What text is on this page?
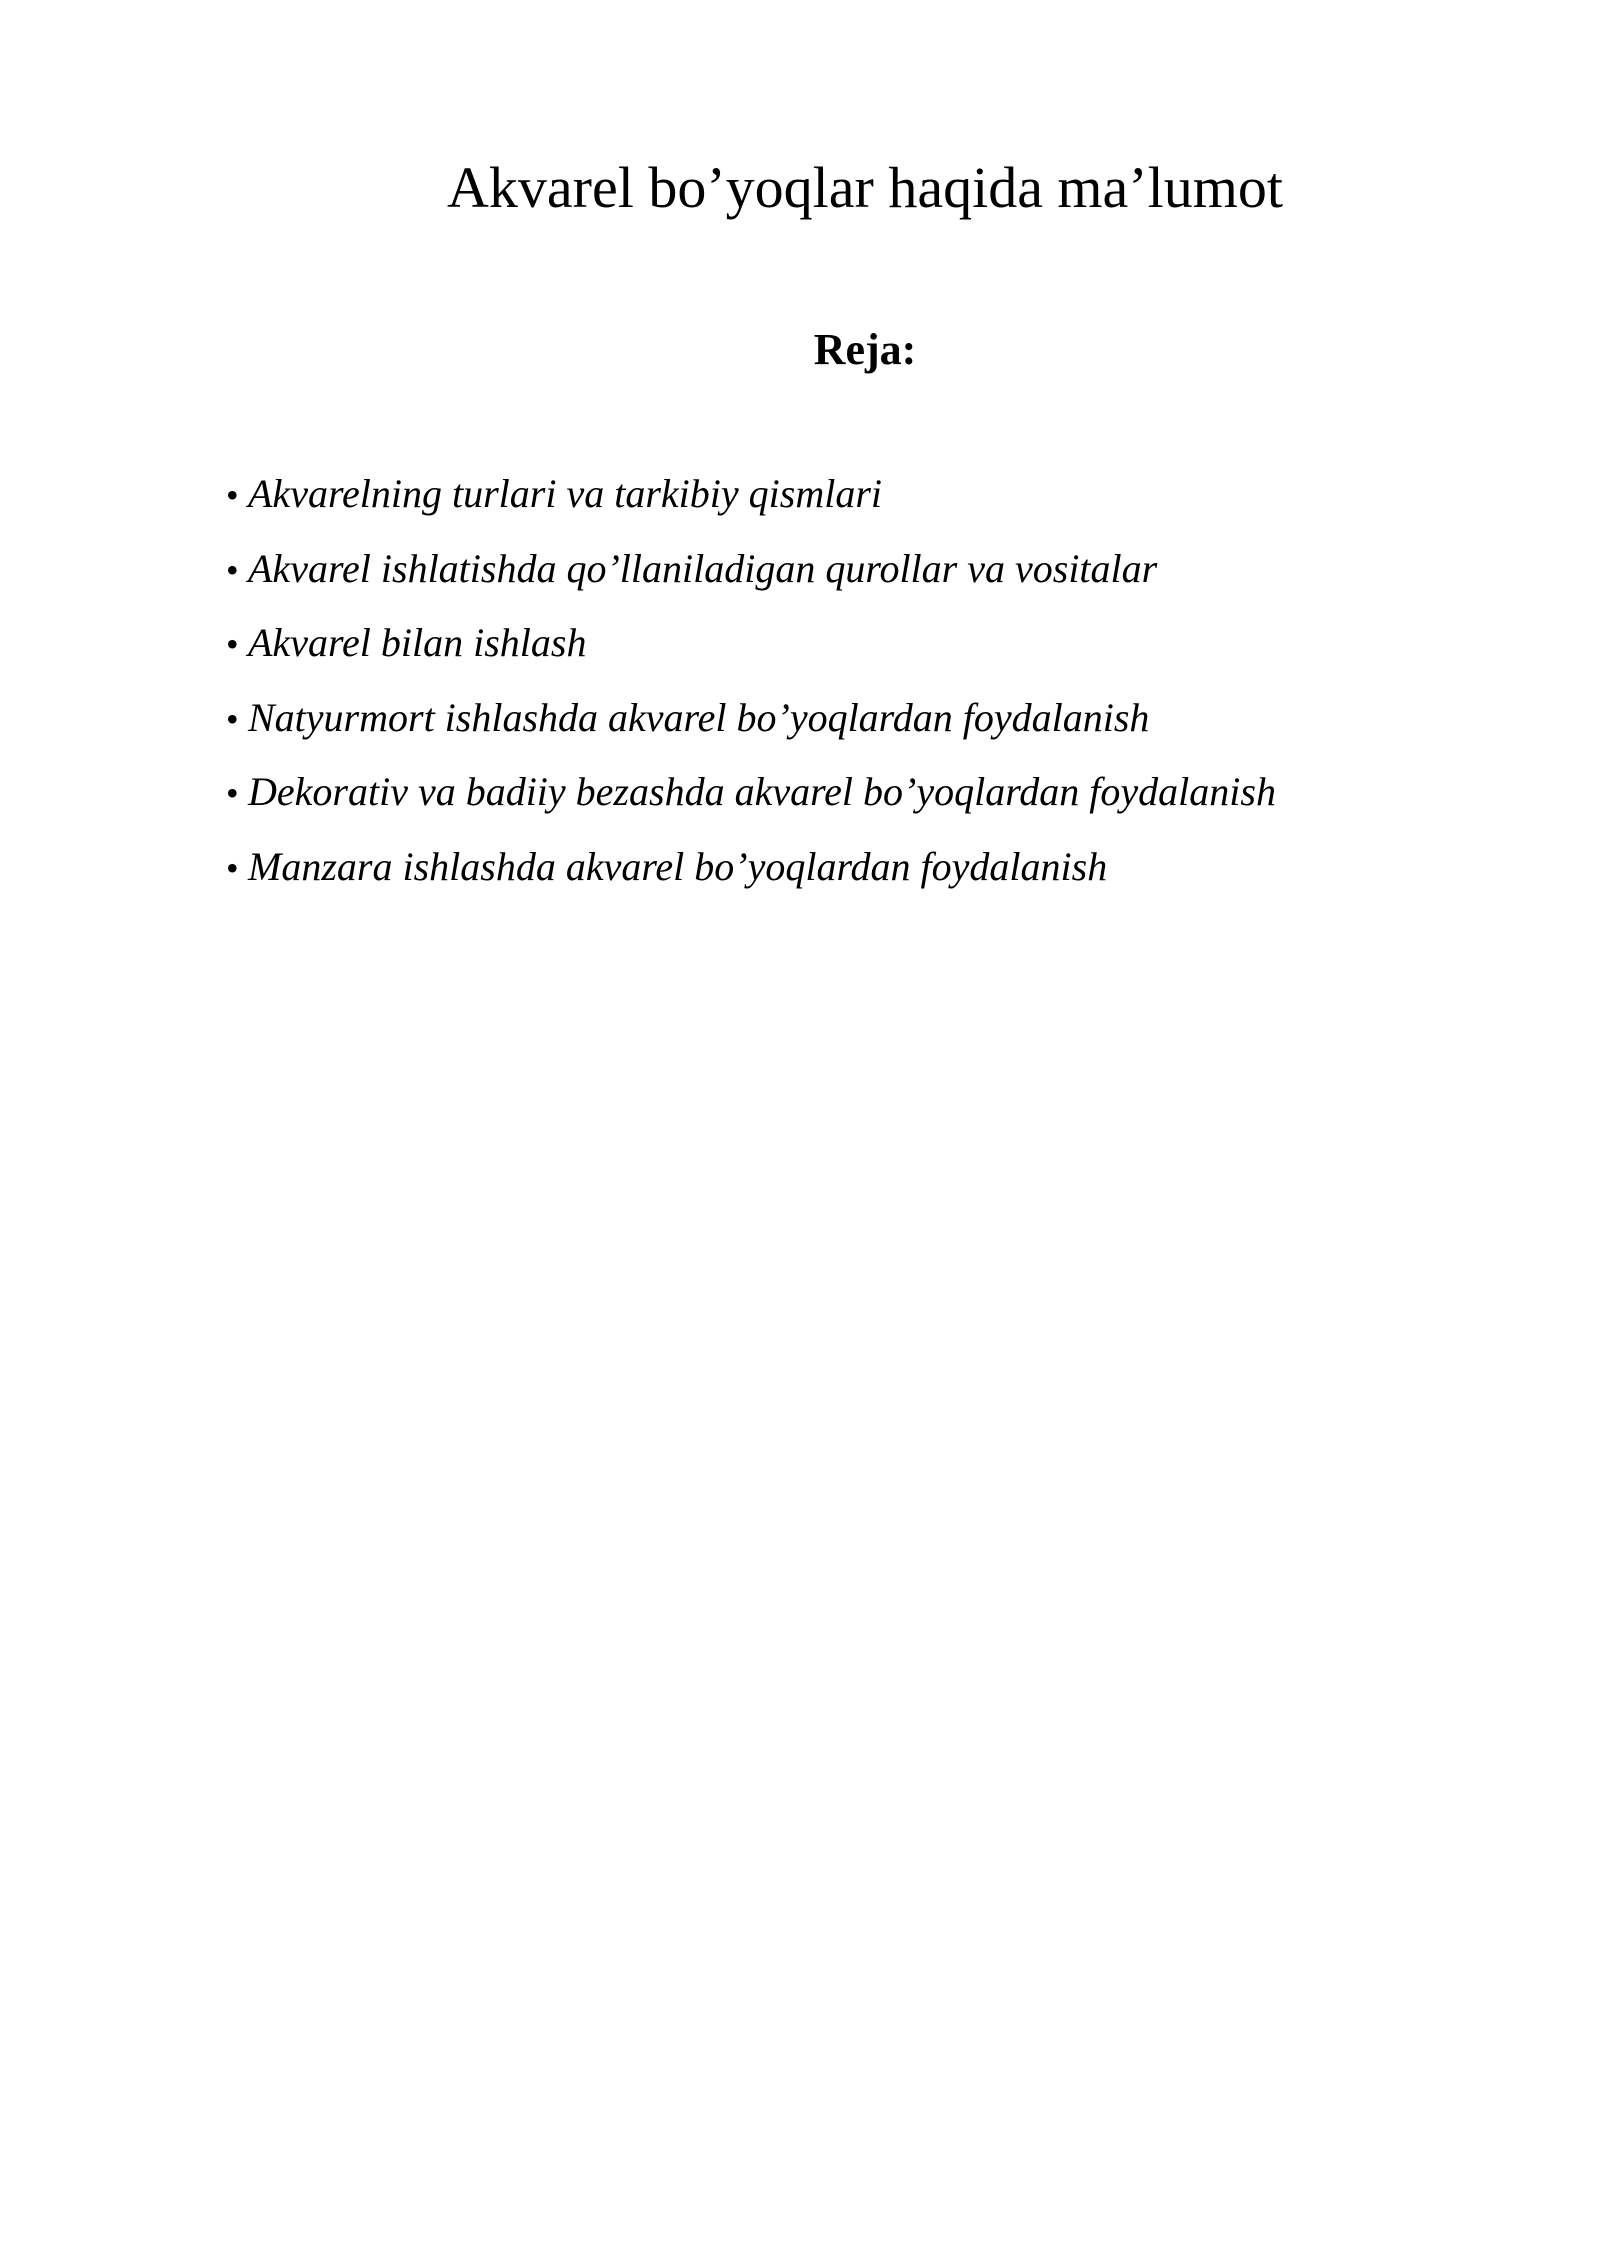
Akvarel bo’yoqlar haqida ma’lumot
Reja:
• Akvarelning turlari va tarkibiy qismlari
• Akvarel ishlatishda qo’llaniladigan qurollar va vositalar
• Akvarel bilan ishlash
• Natyurmort ishlashda akvarel bo’yoqlardan foydalanish
• Dekorativ va badiiy bezashda akvarel bo’yoqlardan foydalanish
• Manzara ishlashda akvarel bo’yoqlardan foydalanish
